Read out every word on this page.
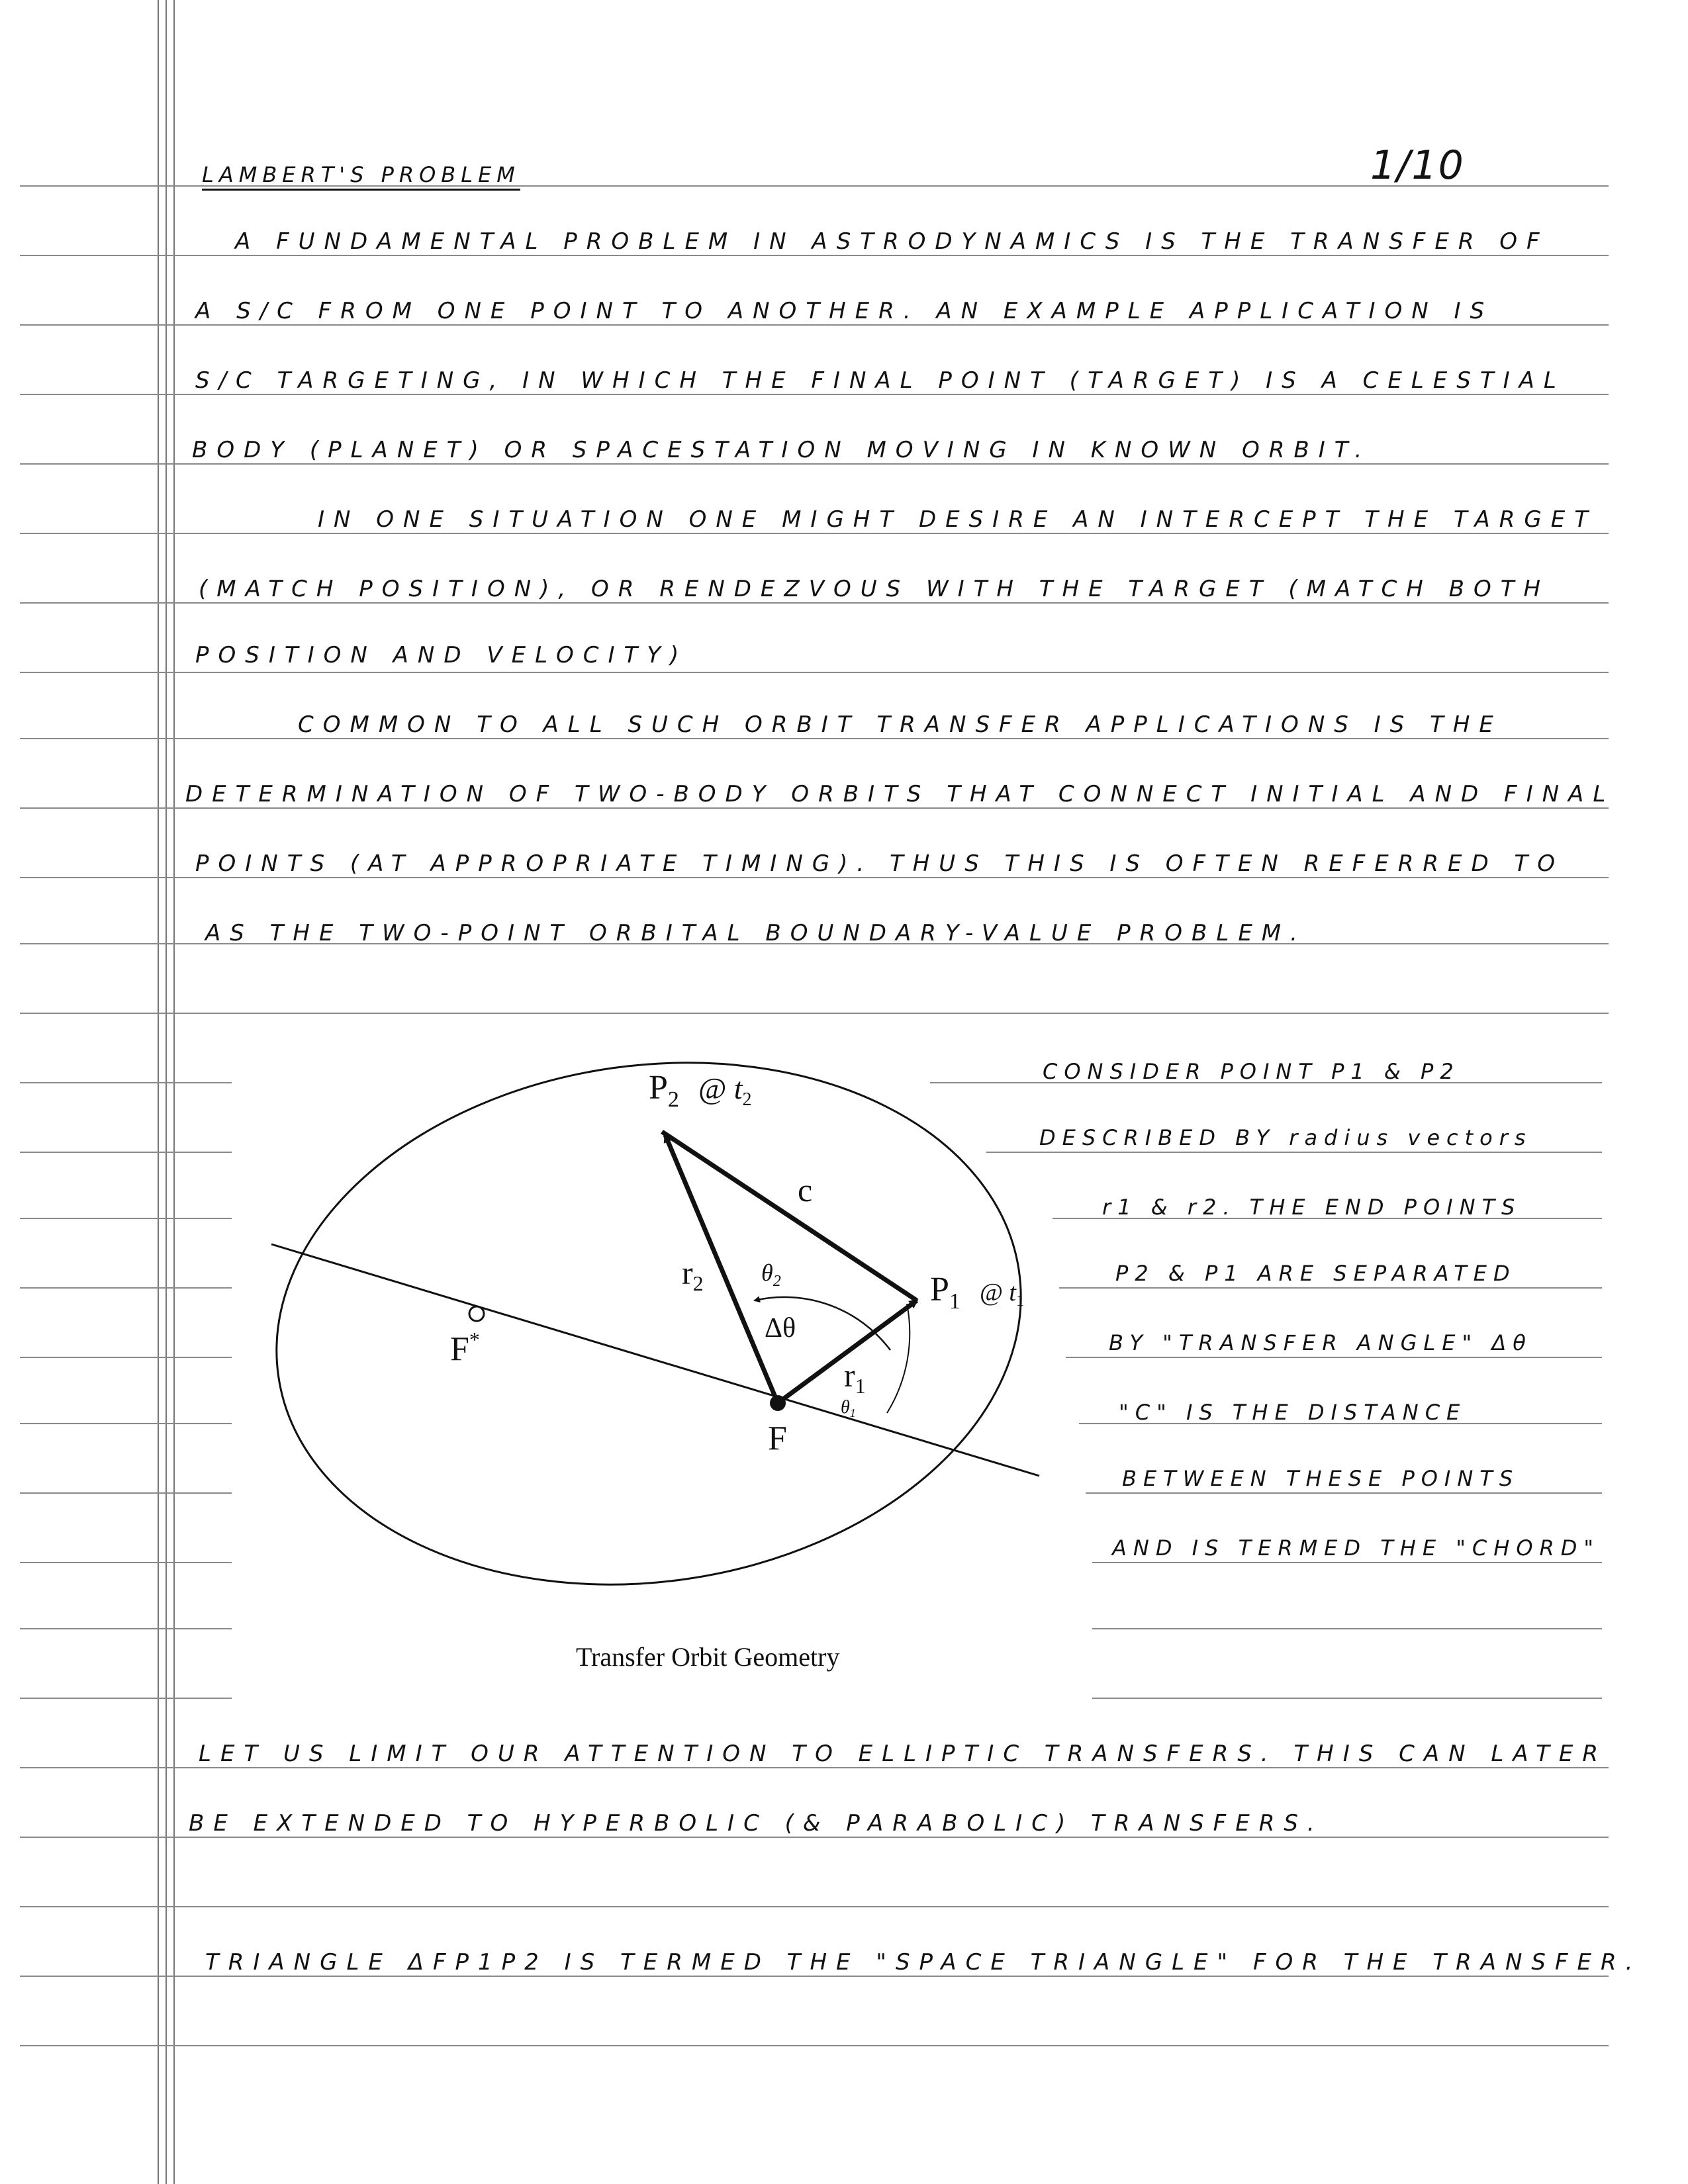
LAMBERT'S PROBLEM	1/10
A FUNDAMENTAL PROBLEM IN ASTRODYNAMICS IS THE TRANSFER OF
A S/C FROM ONE POINT TO ANOTHER. AN EXAMPLE APPLICATION IS
S/C TARGETING, IN WHICH THE FINAL POINT (TARGET) IS A CELESTIAL
BODY (PLANET) OR SPACESTATION MOVING IN KNOWN ORBIT.
IN ONE SITUATION ONE MIGHT DESIRE AN INTERCEPT THE TARGET
(MATCH POSITION), OR RENDEZVOUS WITH THE TARGET (MATCH BOTH
POSITION AND VELOCITY)
COMMON TO ALL SUCH ORBIT TRANSFER APPLICATIONS IS THE
DETERMINATION OF TWO-BODY ORBITS THAT CONNECT INITIAL AND FINAL
POINTS (AT APPROPRIATE TIMING). THUS THIS IS OFTEN REFERRED TO
AS THE TWO-POINT ORBITAL BOUNDARY-VALUE PROBLEM.
$P_2$ @ t2
$P_1$ $^{@ t}$1
c
$r_2$
$r_1$
$\theta_2$
$\theta_1$
Δθ
F
F*
Transfer Orbit Geometry
CONSIDER POINT P1 & P2
DESCRIBED BY radius vectors
r1 & r2. THE END POINTS
P2 & P1 ARE SEPARATED
BY "TRANSFER ANGLE" Δθ
"C" IS THE DISTANCE
BETWEEN THESE POINTS
AND IS TERMED THE "CHORD"
LET US LIMIT OUR ATTENTION TO ELLIPTIC TRANSFERS. THIS CAN LATER
BE EXTENDED TO HYPERBOLIC (& PARABOLIC) TRANSFERS.
TRIANGLE ΔFP1P2 IS TERMED THE "SPACE TRIANGLE" FOR THE TRANSFER.
